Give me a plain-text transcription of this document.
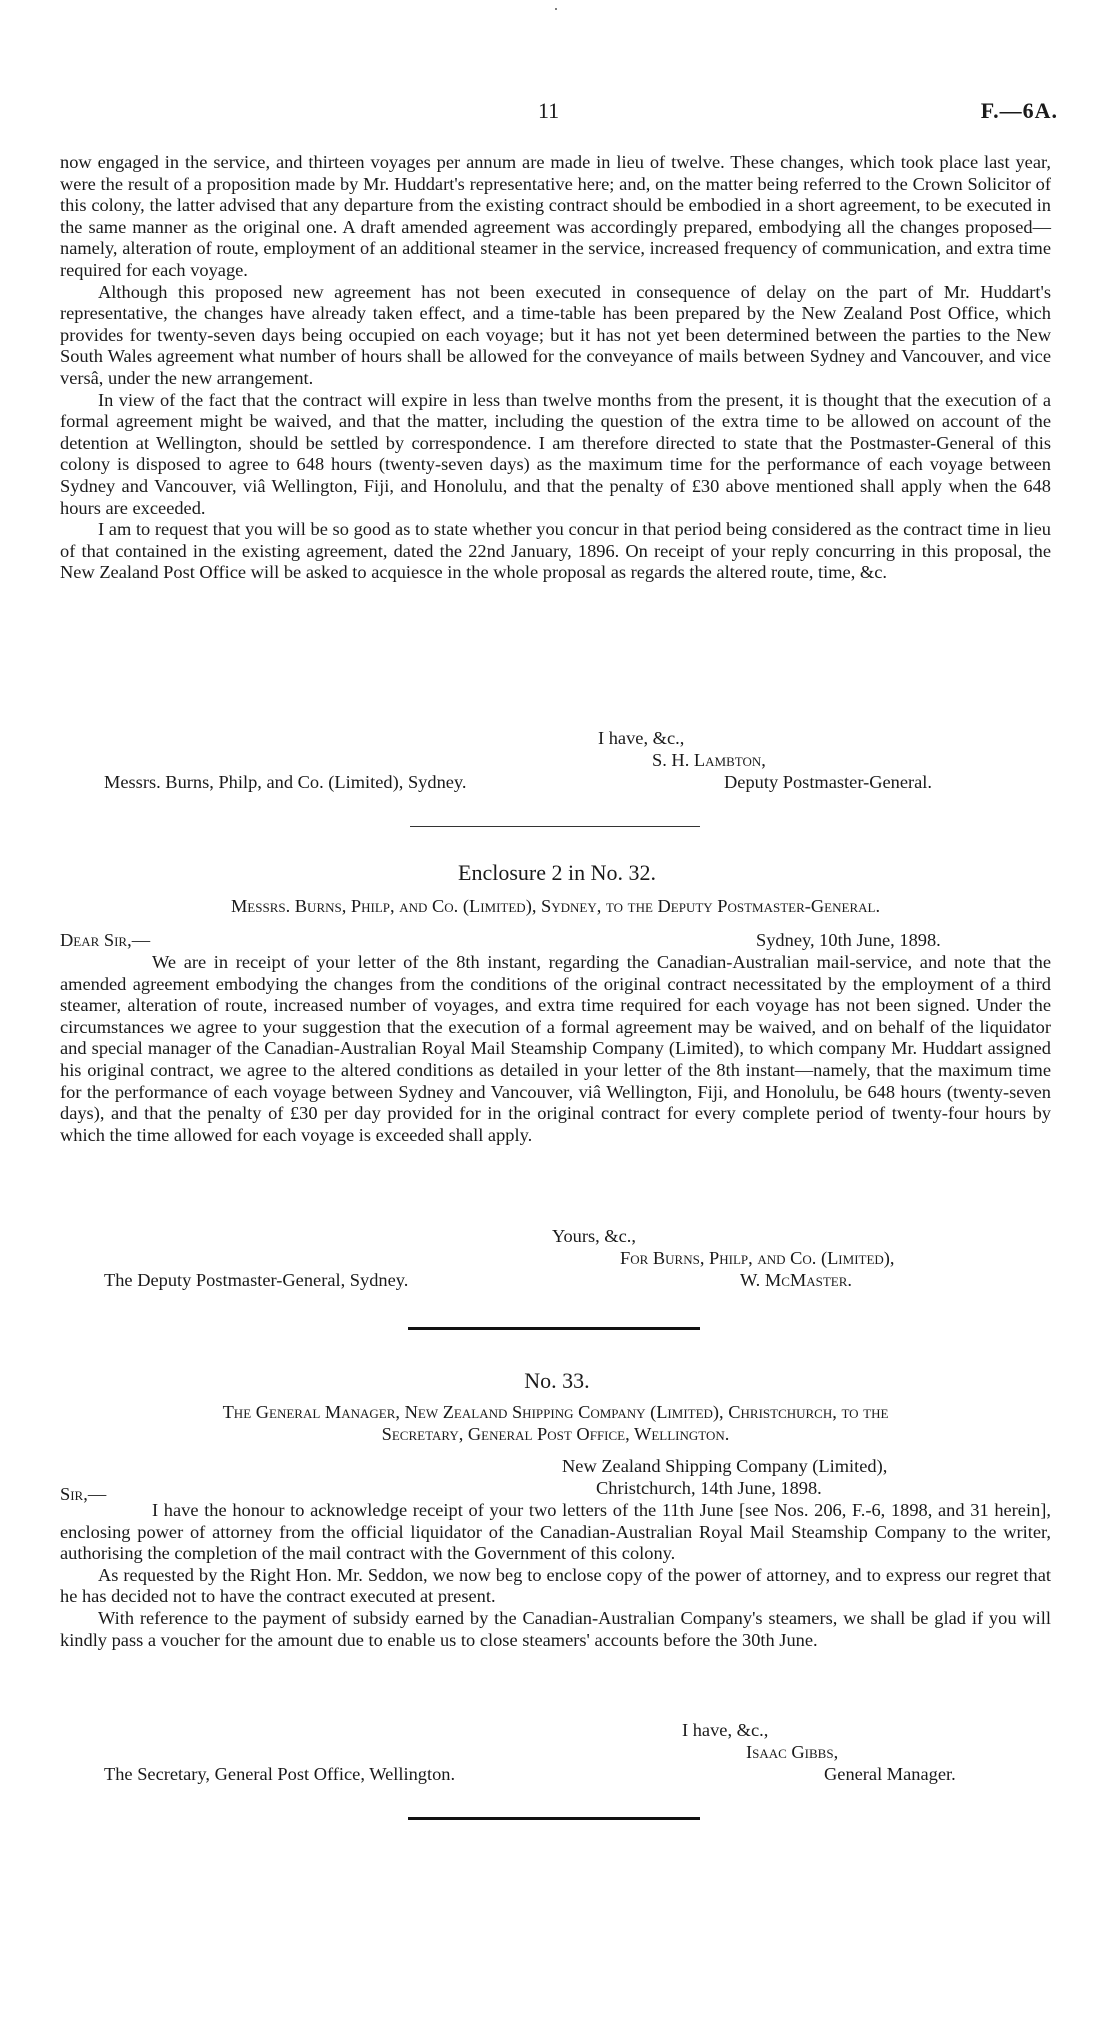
11	F.—6A.

now engaged in the service, and thirteen voyages per annum are made in lieu of twelve. These changes, which took place last year, were the result of a proposition made by Mr. Huddart's representative here; and, on the matter being referred to the Crown Solicitor of this colony, the latter advised that any departure from the existing contract should be embodied in a short agreement, to be executed in the same manner as the original one. A draft amended agreement was accordingly prepared, embodying all the changes proposed—namely, alteration of route, employment of an additional steamer in the service, increased frequency of communication, and extra time required for each voyage.

Although this proposed new agreement has not been executed in consequence of delay on the part of Mr. Huddart's representative, the changes have already taken effect, and a time-table has been prepared by the New Zealand Post Office, which provides for twenty-seven days being occupied on each voyage; but it has not yet been determined between the parties to the New South Wales agreement what number of hours shall be allowed for the conveyance of mails between Sydney and Vancouver, and vice versâ, under the new arrangement.

In view of the fact that the contract will expire in less than twelve months from the present, it is thought that the execution of a formal agreement might be waived, and that the matter, including the question of the extra time to be allowed on account of the detention at Wellington, should be settled by correspondence. I am therefore directed to state that the Postmaster-General of this colony is disposed to agree to 648 hours (twenty-seven days) as the maximum time for the performance of each voyage between Sydney and Vancouver, viâ Wellington, Fiji, and Honolulu, and that the penalty of £30 above mentioned shall apply when the 648 hours are exceeded.

I am to request that you will be so good as to state whether you concur in that period being considered as the contract time in lieu of that contained in the existing agreement, dated the 22nd January, 1896. On receipt of your reply concurring in this proposal, the New Zealand Post Office will be asked to acquiesce in the whole proposal as regards the altered route, time, &c.

I have, &c.,
S. H. Lambton,
Messrs. Burns, Philp, and Co. (Limited), Sydney.	Deputy Postmaster-General.
Enclosure 2 in No. 32.
Messrs. Burns, Philp, and Co. (Limited), Sydney, to the Deputy Postmaster-General.
Dear Sir,—	Sydney, 10th June, 1898.
We are in receipt of your letter of the 8th instant, regarding the Canadian-Australian mail-service, and note that the amended agreement embodying the changes from the conditions of the original contract necessitated by the employment of a third steamer, alteration of route, increased number of voyages, and extra time required for each voyage has not been signed. Under the circumstances we agree to your suggestion that the execution of a formal agreement may be waived, and on behalf of the liquidator and special manager of the Canadian-Australian Royal Mail Steamship Company (Limited), to which company Mr. Huddart assigned his original contract, we agree to the altered conditions as detailed in your letter of the 8th instant—namely, that the maximum time for the performance of each voyage between Sydney and Vancouver, viâ Wellington, Fiji, and Honolulu, be 648 hours (twenty-seven days), and that the penalty of £30 per day provided for in the original contract for every complete period of twenty-four hours by which the time allowed for each voyage is exceeded shall apply.
Yours, &c.,
For Burns, Philp, and Co. (Limited),
W. McMaster.
The Deputy Postmaster-General, Sydney.
No. 33.
The General Manager, New Zealand Shipping Company (Limited), Christchurch, to the
Secretary, General Post Office, Wellington.
New Zealand Shipping Company (Limited),
Christchurch, 14th June, 1898.
Sir,—

I have the honour to acknowledge receipt of your two letters of the 11th June [see Nos. 206, F.-6, 1898, and 31 herein], enclosing power of attorney from the official liquidator of the Canadian-Australian Royal Mail Steamship Company to the writer, authorising the completion of the mail contract with the Government of this colony.

As requested by the Right Hon. Mr. Seddon, we now beg to enclose copy of the power of attorney, and to express our regret that he has decided not to have the contract executed at present.

With reference to the payment of subsidy earned by the Canadian-Australian Company's steamers, we shall be glad if you will kindly pass a voucher for the amount due to enable us to close steamers' accounts before the 30th June.

I have, &c.,
Isaac Gibbs,
The Secretary, General Post Office, Wellington.	General Manager.
